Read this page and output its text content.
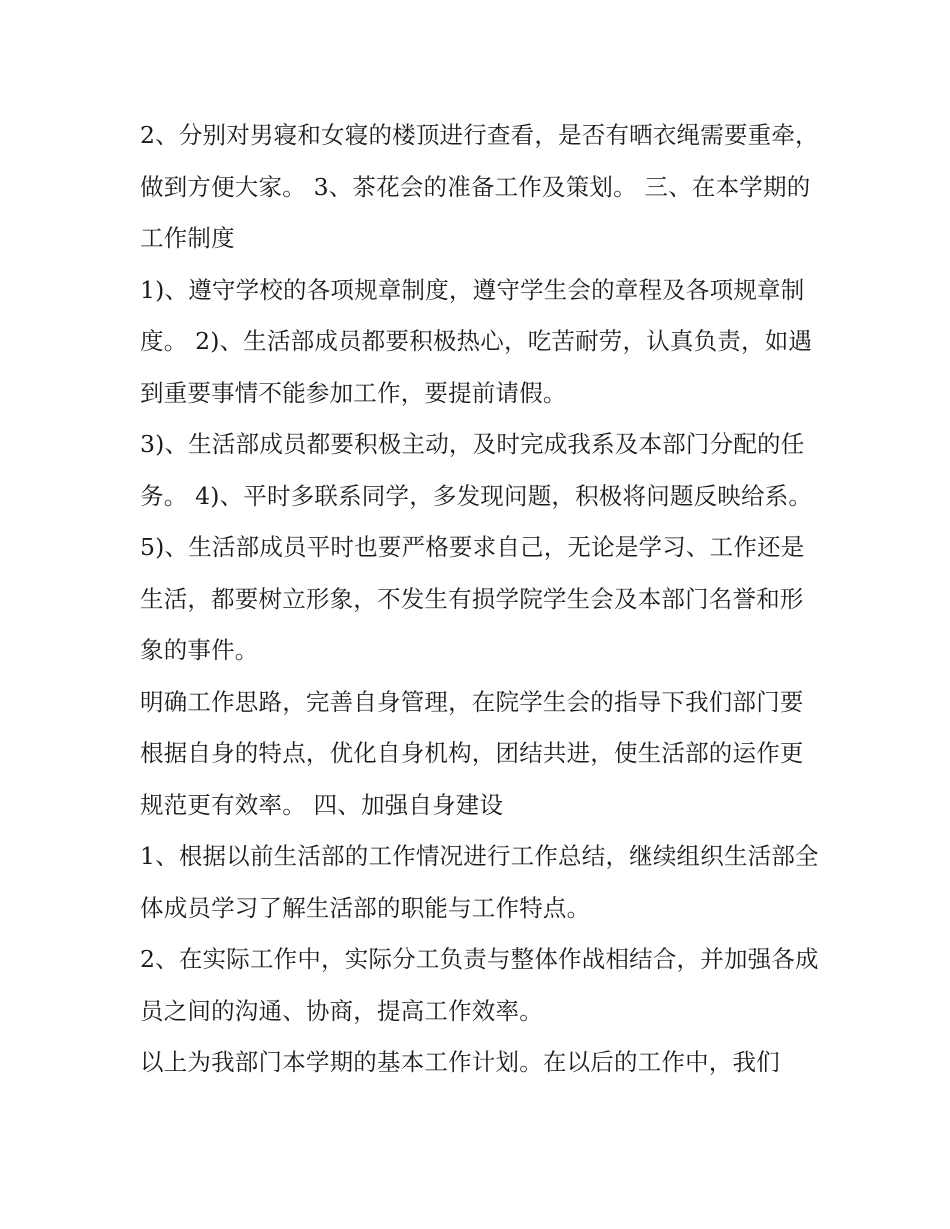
2、分别对男寝和女寝的楼顶进行查看，是否有晒衣绳需要重牵，做到方便大家。 3、茶花会的准备工作及策划。 三、在本学期的工作制度

1)、遵守学校的各项规章制度，遵守学生会的章程及各项规章制度。 2)、生活部成员都要积极热心，吃苦耐劳，认真负责，如遇到重要事情不能参加工作，要提前请假。

3)、生活部成员都要积极主动，及时完成我系及本部门分配的任务。 4)、平时多联系同学，多发现问题，积极将问题反映给系。

5)、生活部成员平时也要严格要求自己，无论是学习、工作还是生活，都要树立形象，不发生有损学院学生会及本部门名誉和形象的事件。

明确工作思路，完善自身管理，在院学生会的指导下我们部门要根据自身的特点，优化自身机构，团结共进，使生活部的运作更规范更有效率。 四、加强自身建设

1、根据以前生活部的工作情况进行工作总结，继续组织生活部全体成员学习了解生活部的职能与工作特点。

2、在实际工作中，实际分工负责与整体作战相结合，并加强各成员之间的沟通、协商，提高工作效率。

以上为我部门本学期的基本工作计划。在以后的工作中，我们
